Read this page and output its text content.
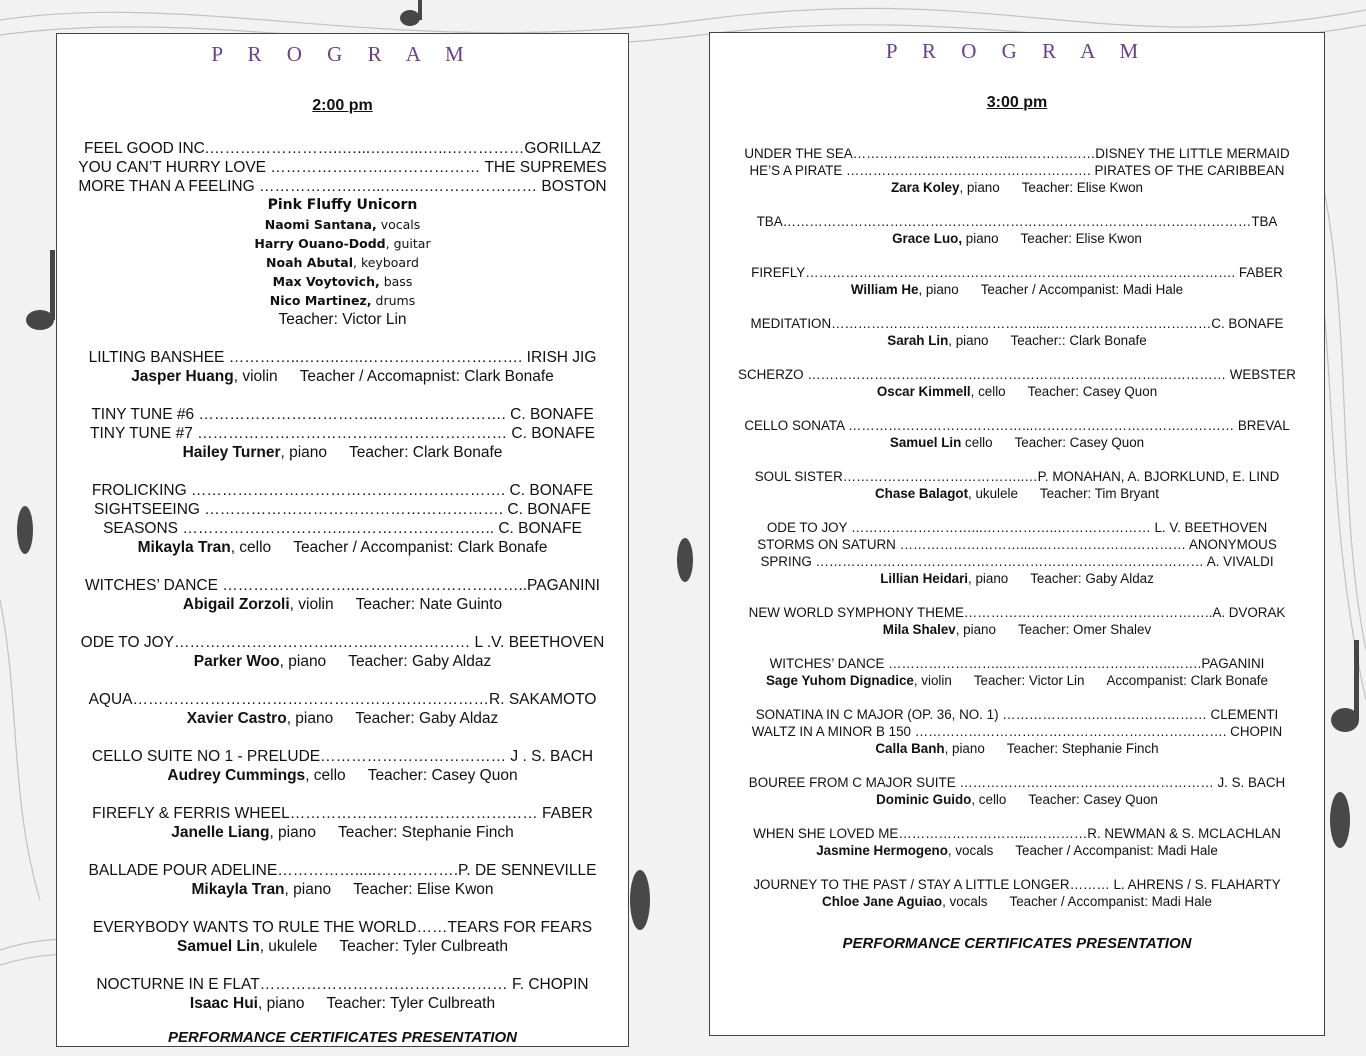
P R O G R A M
2:00 pm
FEEL GOOD INC.……………………..…...…..…...…..……………GORILLAZ
YOU CAN’T HURRY LOVE …………….…….……………… THE SUPREMES
MORE THAN A FEELING ……………….…...…..….………………… BOSTON
Pink Fluffy Unicorn
Naomi Santana, vocals
Harry Ouano-Dodd, guitar
Noah Abutal, keyboard
Max Voytovich, bass
Nico Martinez, drums
Teacher: Victor Lin
LILTING BANSHEE …………..……..…..…………………………. IRISH JIG
Jasper Huang, violin Teacher / Accomapnist: Clark Bonafe
TINY TUNE #6 ……………………………..……………………. C. BONAFE
TINY TUNE #7 …………………………………………………… C. BONAFE
Hailey Turner, piano Teacher: Clark Bonafe
FROLICKING ……………………………………………………. C. BONAFE
SIGHTSEEING …………………………………………………. C. BONAFE
SEASONS …………………………..……………………….. C. BONAFE
Mikayla Tran, cello Teacher / Accompanist: Clark Bonafe
WITCHES’ DANCE ……………………..……..……………………..PAGANINI
Abigail Zorzoli, violin Teacher: Nate Guinto
ODE TO JOY…………………………..……..……………… L .V. BEETHOVEN
Parker Woo, piano Teacher: Gaby Aldaz
AQUA……………………………………………………………R. SAKAMOTO
Xavier Castro, piano Teacher: Gaby Aldaz
CELLO SUITE NO 1 - PRELUDE……………………………… J . S. BACH
Audrey Cummings, cello Teacher: Casey Quon
FIREFLY & FERRIS WHEEL………………………………………… FABER
Janelle Liang, piano Teacher: Stephanie Finch
BALLADE POUR ADELINE…………….....…………….P. DE SENNEVILLE
Mikayla Tran, piano Teacher: Elise Kwon
EVERYBODY WANTS TO RULE THE WORLD……TEARS FOR FEARS
Samuel Lin, ukulele Teacher: Tyler Culbreath
NOCTURNE IN E FLAT………………………………………… F. CHOPIN
Isaac Hui, piano Teacher: Tyler Culbreath
PERFORMANCE CERTIFICATES PRESENTATION
P R O G R A M
3:00 pm
UNDER THE SEA……………….……………...………………DISNEY THE LITTLE MERMAID
HE’S A PIRATE ………………………………………………. PIRATES OF THE CARIBBEAN
Zara Koley, piano Teacher: Elise Kwon
TBA……………………………………………………………………………………………TBA
Grace Luo, piano Teacher: Elise Kwon
FIREFLY……………………………………………………...……………………………. FABER
William He, piano Teacher / Accompanist: Madi Hale
MEDITATION……………………………………….....………………………………C. BONAFE
Sarah Lin, piano Teacher:: Clark Bonafe
SCHERZO …………………………………………………………………….…………… WEBSTER
Oscar Kimmell, cello Teacher: Casey Quon
CELLO SONATA …………………………………...……………………………………… BREVAL
Samuel Lin cello Teacher: Casey Quon
SOUL SISTER…………………………………..…P. MONAHAN, A. BJORKLUND, E. LIND
Chase Balagot, ukulele Teacher: Tim Bryant
ODE TO JOY ………………………...……………..………………… L. V. BEETHOVEN
STORMS ON SATURN ……………………….....…………………………… ANONYMOUS
SPRING …………………………………………………………………………… A. VIVALDI
Lillian Heidari, piano Teacher: Gaby Aldaz
NEW WORLD SYMPHONY THEME………………………………………………..A. DVORAK
Mila Shalev, piano Teacher: Omer Shalev
WITCHES’ DANCE ……………………..………………………………..…….PAGANINI
Sage Yuhom Dignadice, violin Teacher: Victor Lin Accompanist: Clark Bonafe
SONATINA IN C MAJOR (OP. 36, NO. 1) ………………….…………………… CLEMENTI
WALTZ IN A MINOR B 150 ……………………………………………………………. CHOPIN
Calla Banh, piano Teacher: Stephanie Finch
BOUREE FROM C MAJOR SUITE ………………………………………………… J. S. BACH
Dominic Guido, cello Teacher: Casey Quon
WHEN SHE LOVED ME………………………....…………R. NEWMAN & S. MCLACHLAN
Jasmine Hermogeno, vocals Teacher / Accompanist: Madi Hale
JOURNEY TO THE PAST / STAY A LITTLE LONGER……… L. AHRENS / S. FLAHARTY
Chloe Jane Aguiao, vocals Teacher / Accompanist: Madi Hale
PERFORMANCE CERTIFICATES PRESENTATION
